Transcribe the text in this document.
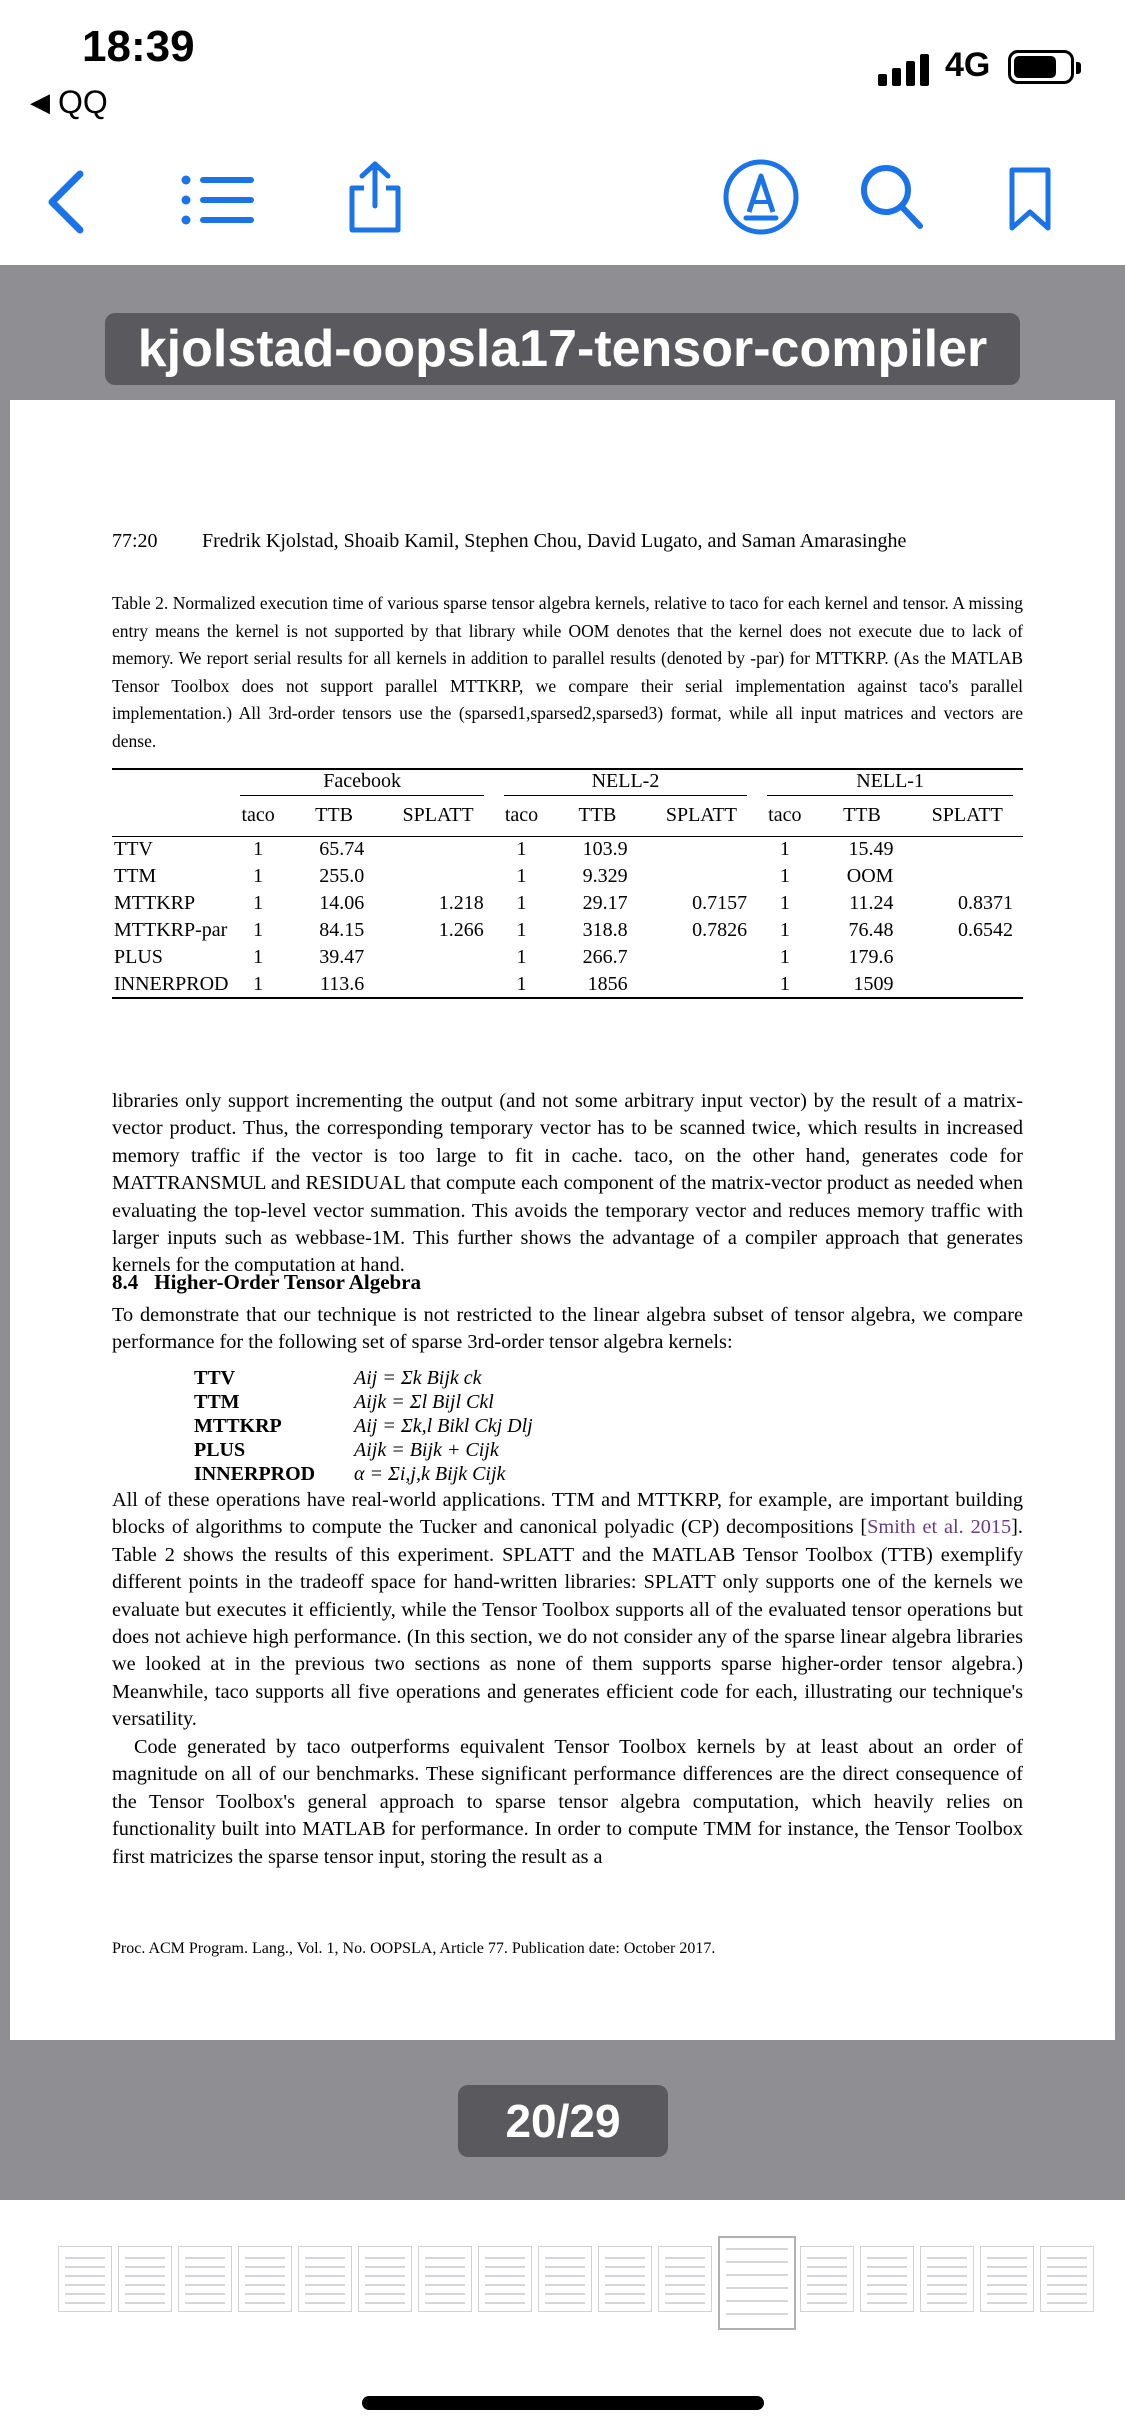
18:39
◀ QQ
4G
kjolstad-oopsla17-tensor-compiler
77:20	Fredrik Kjolstad, Shoaib Kamil, Stephen Chou, David Lugato, and Saman Amarasinghe
Table 2. Normalized execution time of various sparse tensor algebra kernels, relative to taco for each kernel and tensor. A missing entry means the kernel is not supported by that library while OOM denotes that the kernel does not execute due to lack of memory. We report serial results for all kernels in addition to parallel results (denoted by -par) for MTTKRP. (As the MATLAB Tensor Toolbox does not support parallel MTTKRP, we compare their serial implementation against taco's parallel implementation.) All 3rd-order tensors use the (sparsed1,sparsed2,sparsed3) format, while all input matrices and vectors are dense.

	Facebook			NELL-2			NELL-1		

	taco	TTB	SPLATT	taco	TTB	SPLATT	taco	TTB	SPLATT
TTV	1	65.74		1	103.9		1	15.49	
TTM	1	255.0		1	9.329		1	OOM	
MTTKRP	1	14.06	1.218	1	29.17	0.7157	1	11.24	0.8371
MTTKRP-par	1	84.15	1.266	1	318.8	0.7826	1	76.48	0.6542
PLUS	1	39.47		1	266.7		1	179.6	
INNERPROD	1	113.6		1	1856		1	1509	
libraries only support incrementing the output (and not some arbitrary input vector) by the result of a matrix-vector product. Thus, the corresponding temporary vector has to be scanned twice, which results in increased memory traffic if the vector is too large to fit in cache. taco, on the other hand, generates code for MATTRANSMUL and RESIDUAL that compute each component of the matrix-vector product as needed when evaluating the top-level vector summation. This avoids the temporary vector and reduces memory traffic with larger inputs such as webbase-1M. This further shows the advantage of a compiler approach that generates kernels for the computation at hand.
8.4 Higher-Order Tensor Algebra
To demonstrate that our technique is not restricted to the linear algebra subset of tensor algebra, we compare performance for the following set of sparse 3rd-order tensor algebra kernels:
TTV	Aij = Σk Bijk ck
TTM	Aijk = Σl Bijl Ckl
MTTKRP	Aij = Σk,l Bikl Ckj Dlj
PLUS	Aijk = Bijk + Cijk
INNERPROD	α = Σi,j,k Bijk Cijk
All of these operations have real-world applications. TTM and MTTKRP, for example, are important building blocks of algorithms to compute the Tucker and canonical polyadic (CP) decompositions [Smith et al. 2015]. Table 2 shows the results of this experiment. SPLATT and the MATLAB Tensor Toolbox (TTB) exemplify different points in the tradeoff space for hand-written libraries: SPLATT only supports one of the kernels we evaluate but executes it efficiently, while the Tensor Toolbox supports all of the evaluated tensor operations but does not achieve high performance. (In this section, we do not consider any of the sparse linear algebra libraries we looked at in the previous two sections as none of them supports sparse higher-order tensor algebra.) Meanwhile, taco supports all five operations and generates efficient code for each, illustrating our technique's versatility.
Code generated by taco outperforms equivalent Tensor Toolbox kernels by at least about an order of magnitude on all of our benchmarks. These significant performance differences are the direct consequence of the Tensor Toolbox's general approach to sparse tensor algebra computation, which heavily relies on functionality built into MATLAB for performance. In order to compute TMM for instance, the Tensor Toolbox first matricizes the sparse tensor input, storing the result as a
Proc. ACM Program. Lang., Vol. 1, No. OOPSLA, Article 77. Publication date: October 2017.
20/29
